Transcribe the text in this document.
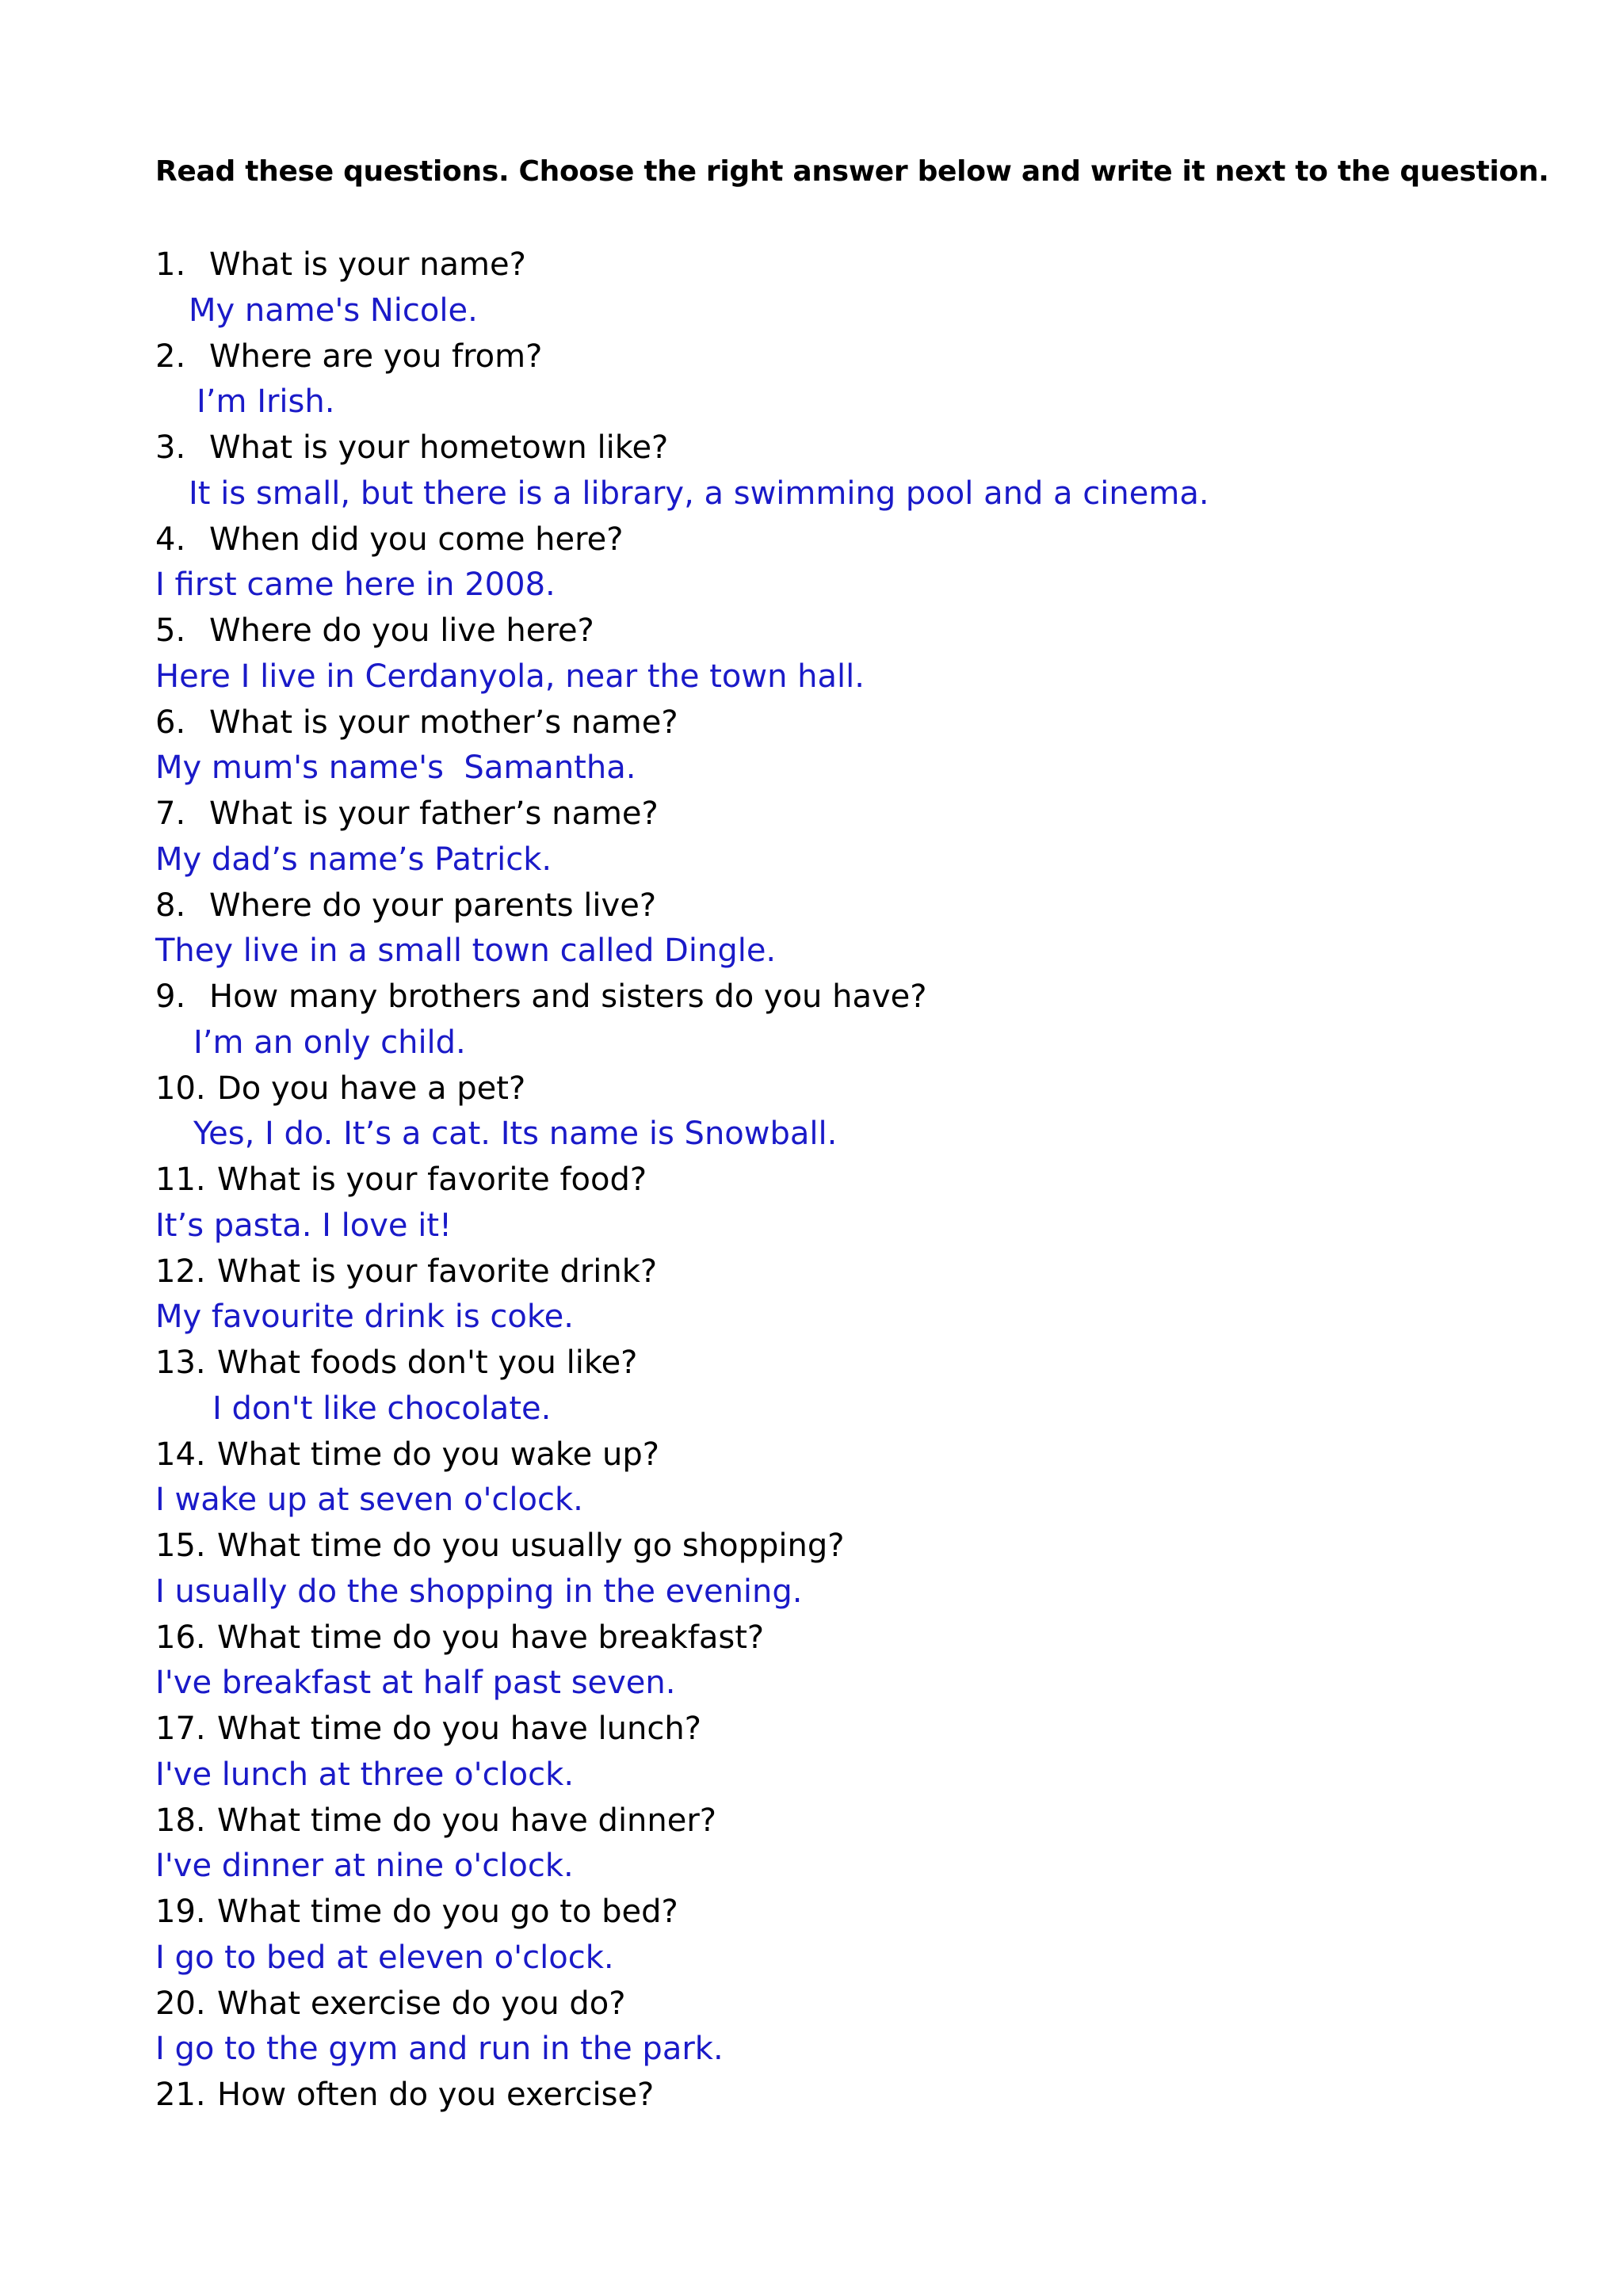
Read these questions. Choose the right answer below and write it next to the question.
1. What is your name?
My name's Nicole.
2. Where are you from?
I’m Irish.
3. What is your hometown like?
It is small, but there is a library, a swimming pool and a cinema.
4. When did you come here?
I first came here in 2008.
5. Where do you live here?
Here I live in Cerdanyola, near the town hall.
6. What is your mother’s name?
My mum's name's  Samantha.
7. What is your father’s name?
My dad’s name’s Patrick.
8. Where do your parents live?
They live in a small town called Dingle.
9. How many brothers and sisters do you have?
I’m an only child.
10. Do you have a pet?
Yes, I do. It’s a cat. Its name is Snowball.
11. What is your favorite food?
It’s pasta. I love it!
12. What is your favorite drink?
My favourite drink is coke.
13. What foods don't you like?
I don't like chocolate.
14. What time do you wake up?
I wake up at seven o'clock.
15. What time do you usually go shopping?
I usually do the shopping in the evening.
16. What time do you have breakfast?
I've breakfast at half past seven.
17. What time do you have lunch?
I've lunch at three o'clock.
18. What time do you have dinner?
I've dinner at nine o'clock.
19. What time do you go to bed?
I go to bed at eleven o'clock.
20. What exercise do you do?
I go to the gym and run in the park.
21. How often do you exercise?
